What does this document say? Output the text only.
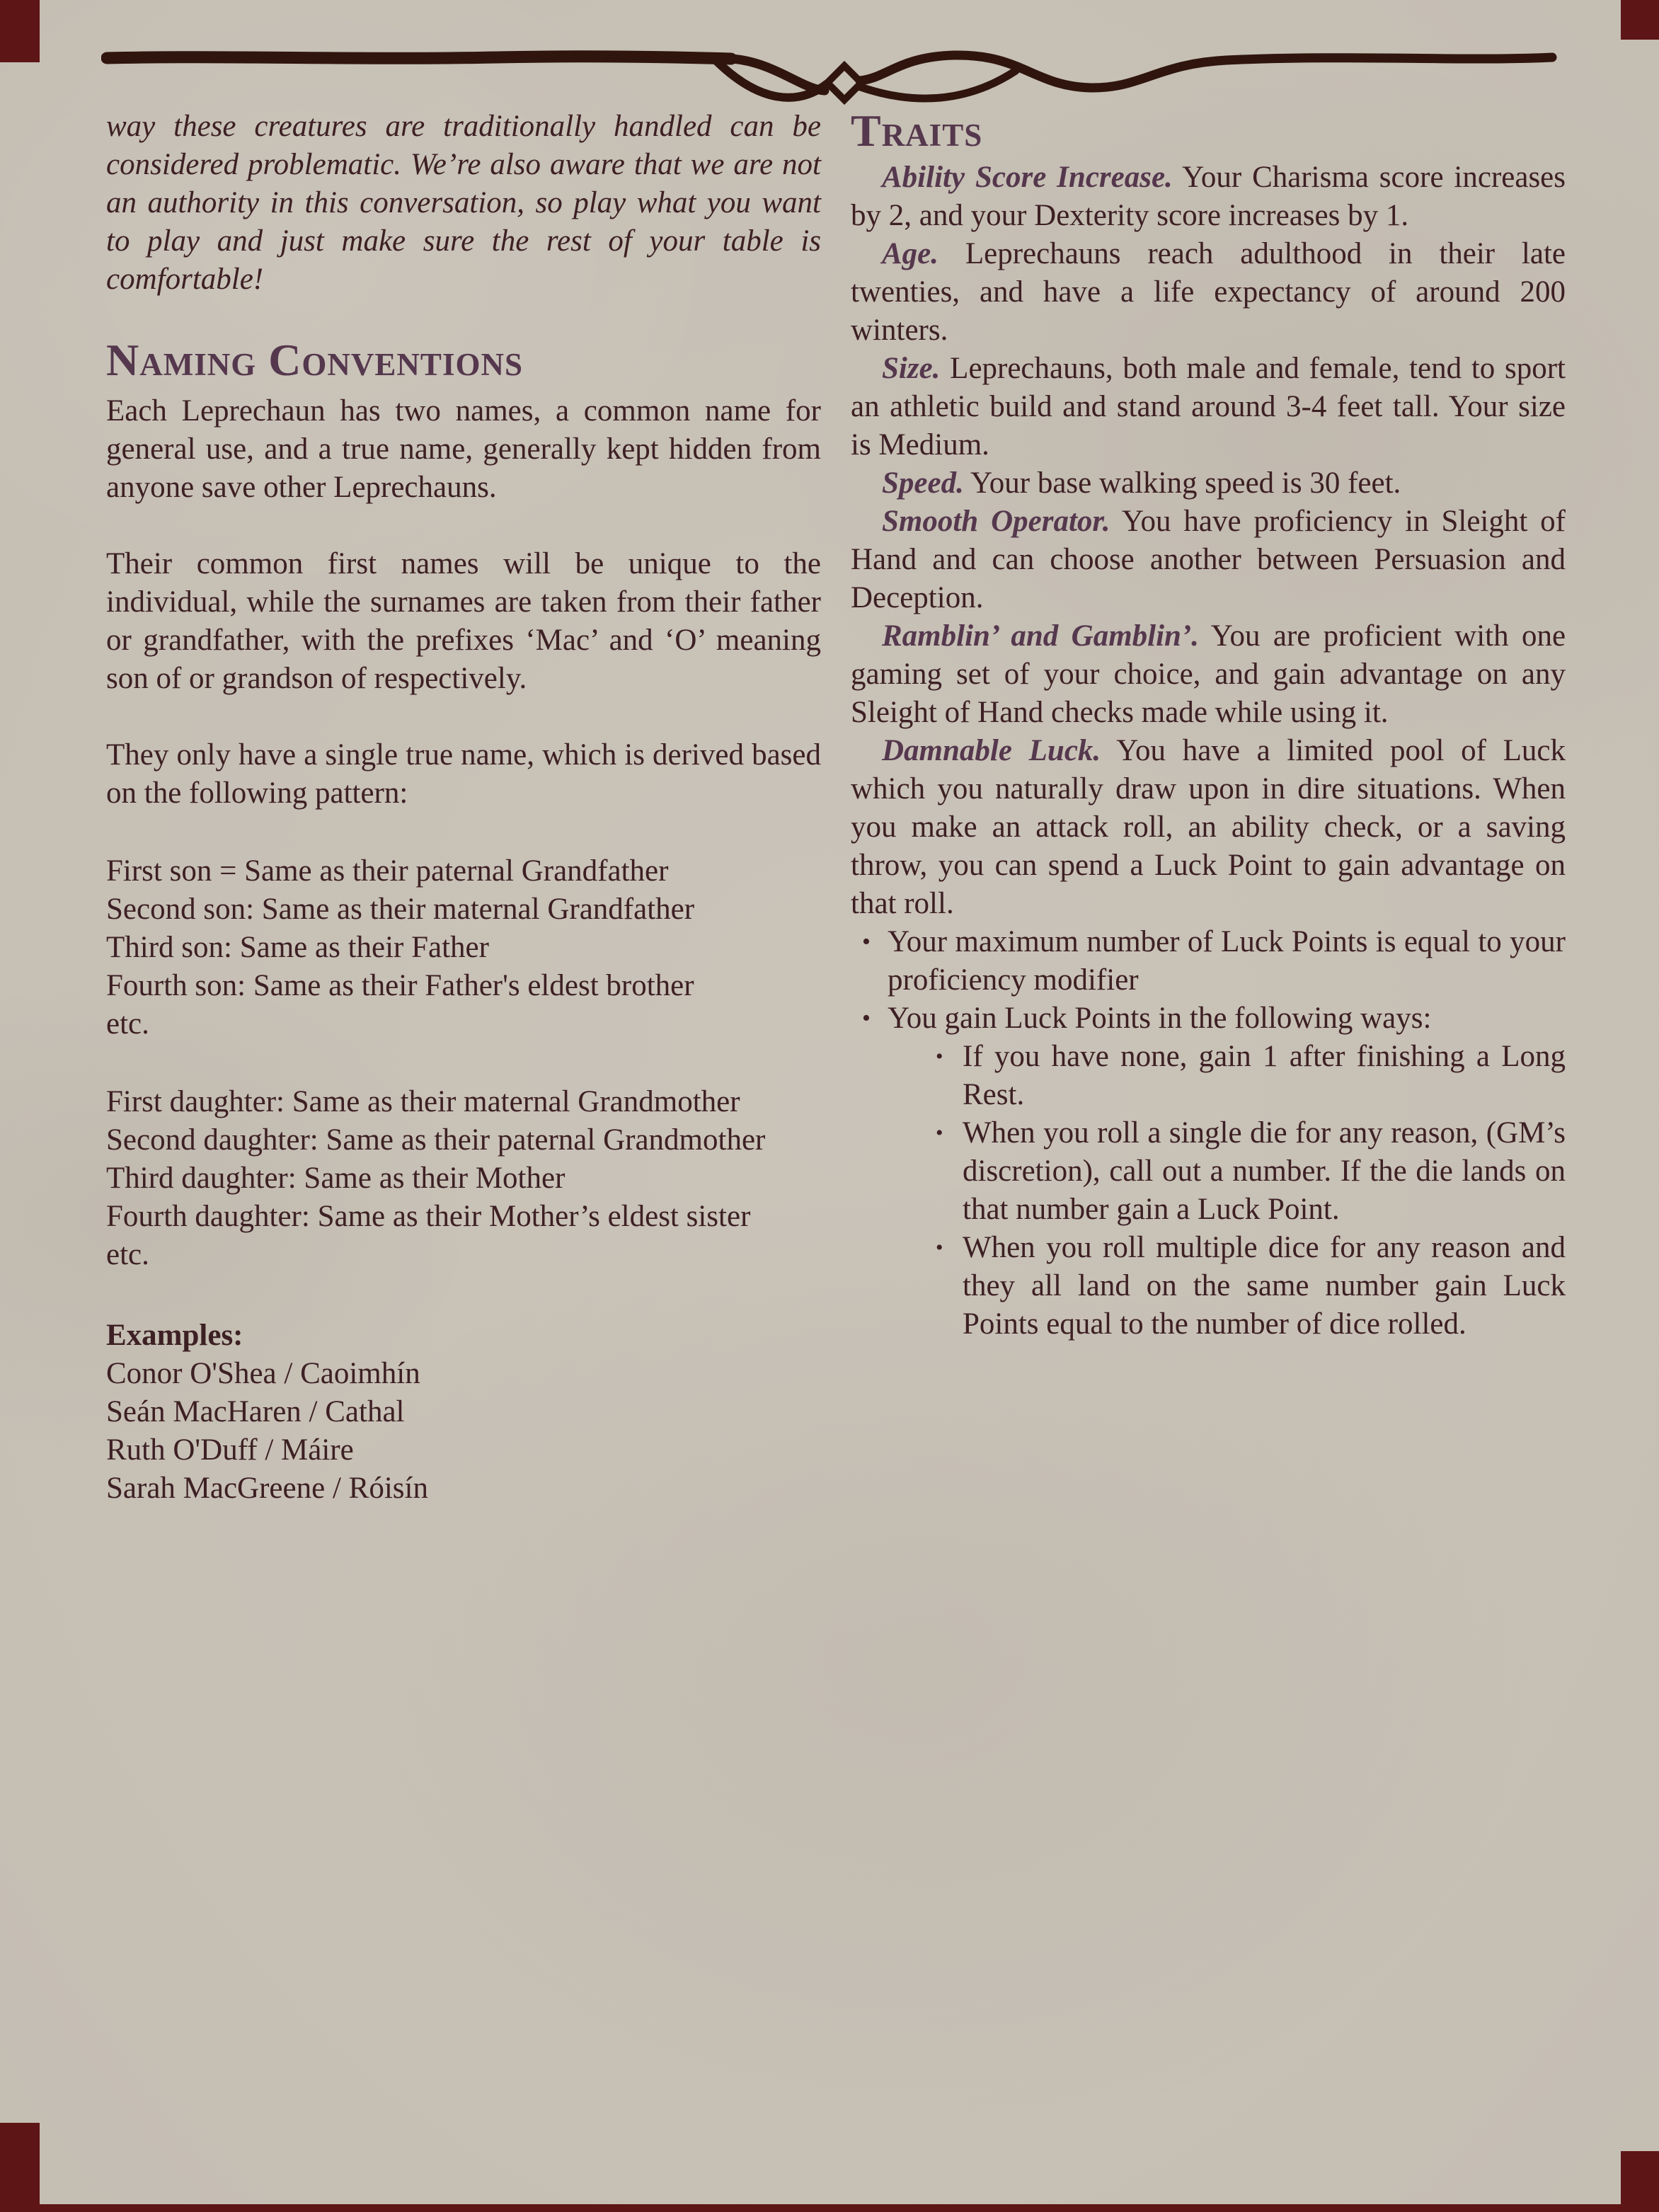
way these creatures are traditionally handled can be considered problematic. We’re also aware that we are not an authority in this conversation, so play what you want to play and just make sure the rest of your table is comfortable!

Naming Conventions

Each Leprechaun has two names, a common name for general use, and a true name, generally kept hidden from anyone save other Leprechauns.

Their common first names will be unique to the individual, while the surnames are taken from their father or grandfather, with the prefixes ‘Mac’ and ‘O’ meaning son of or grandson of respectively.

They only have a single true name, which is derived based on the following pattern:

First son = Same as their paternal Grandfather
Second son: Same as their maternal Grandfather
Third son: Same as their Father
Fourth son: Same as their Father's eldest brother
etc.
First daughter: Same as their maternal Grandmother
Second daughter: Same as their paternal Grandmother
Third daughter: Same as their Mother
Fourth daughter: Same as their Mother’s eldest sister
etc.
Examples:
Conor O'Shea / Caoimhín
Seán MacHaren / Cathal
Ruth O'Duff / Máire
Sarah MacGreene / Róisín
Traits

Ability Score Increase. Your Charisma score increases by 2, and your Dexterity score increases by 1.

Age. Leprechauns reach adulthood in their late twenties, and have a life expectancy of around 200 winters.

Size. Leprechauns, both male and female, tend to sport an athletic build and stand around 3-4 feet tall. Your size is Medium.

Speed. Your base walking speed is 30 feet.

Smooth Operator. You have proficiency in Sleight of Hand and can choose another between Persuasion and Deception.

Ramblin’ and Gamblin’. You are proficient with one gaming set of your choice, and gain advantage on any Sleight of Hand checks made while using it.

Damnable Luck. You have a limited pool of Luck which you naturally draw upon in dire situations. When you make an attack roll, an ability check, or a saving throw, you can spend a Luck Point to gain advantage on that roll.

• Your maximum number of Luck Points is equal to your proficiency modifier
• You gain Luck Points in the following ways:
• If you have none, gain 1 after finishing a Long Rest.
• When you roll a single die for any reason, (GM’s discretion), call out a number. If the die lands on that number gain a Luck Point.
• When you roll multiple dice for any reason and they all land on the same number gain Luck Points equal to the number of dice rolled.
